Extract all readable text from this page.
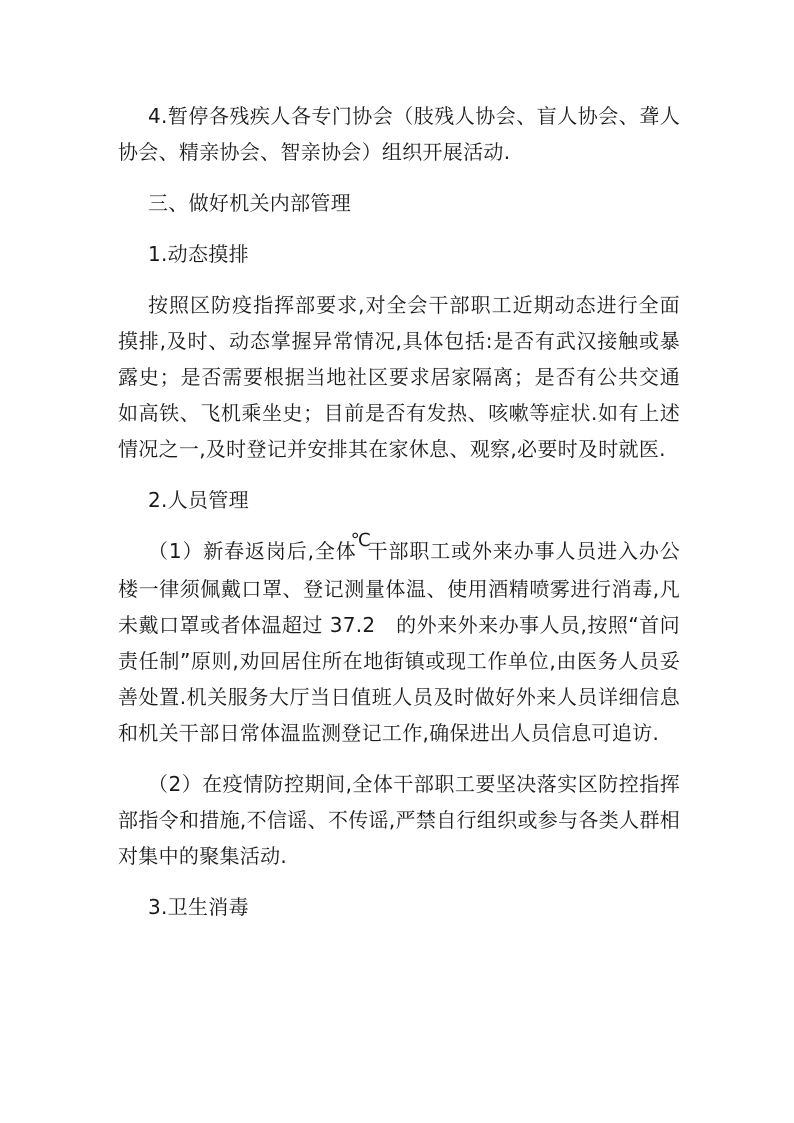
4.暂停各残疾人各专门协会（肢残人协会、盲人协会、聋人协会、精亲协会、智亲协会）组织开展活动.

三、做好机关内部管理

1.动态摸排

按照区防疫指挥部要求,对全会干部职工近期动态进行全面摸排,及时、动态掌握异常情况,具体包括:是否有武汉接触或暴露史；是否需要根据当地社区要求居家隔离；是否有公共交通如高铁、飞机乘坐史；目前是否有发热、咳嗽等症状.如有上述情况之一,及时登记并安排其在家休息、观察,必要时及时就医.

2.人员管理

（1）新春返岗后,全体℃干部职工或外来办事人员进入办公楼一律须佩戴口罩、登记测量体温、使用酒精喷雾进行消毒,凡未戴口罩或者体温超过 37.2　的外来外来办事人员,按照“首问责任制”原则,劝回居住所在地街镇或现工作单位,由医务人员妥善处置.机关服务大厅当日值班人员及时做好外来人员详细信息和机关干部日常体温监测登记工作,确保进出人员信息可追访.

（2）在疫情防控期间,全体干部职工要坚决落实区防控指挥部指令和措施,不信谣、不传谣,严禁自行组织或参与各类人群相对集中的聚集活动.

3.卫生消毒
